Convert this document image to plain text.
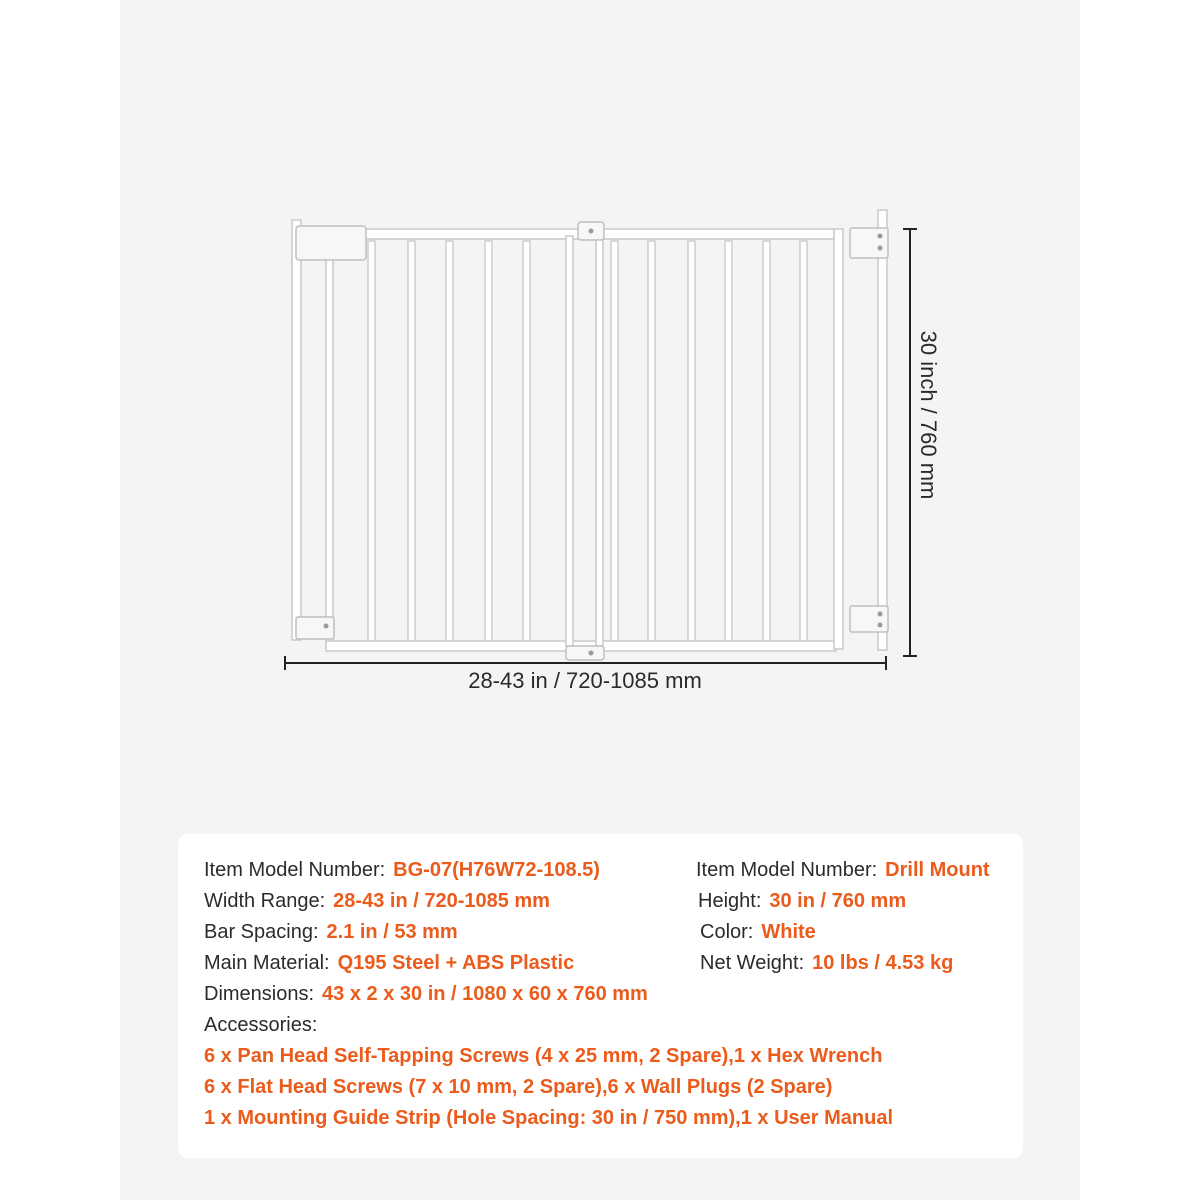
28-43 in / 720-1085 mm
30 inch / 760 mm
Item Model Number: BG-07(H76W72-108.5)
Width Range: 28-43 in / 720-1085 mm
Bar Spacing: 2.1 in / 53 mm
Main Material: Q195 Steel + ABS Plastic
Dimensions: 43 x 2 x 30 in / 1080 x 60 x 760 mm
Item Model Number: Drill Mount
Height: 30 in / 760 mm
Color: White
Net Weight: 10 lbs / 4.53 kg
Accessories:
6 x Pan Head Self-Tapping Screws (4 x 25 mm, 2 Spare),1 x Hex Wrench
6 x Flat Head Screws (7 x 10 mm, 2 Spare),6 x Wall Plugs (2 Spare)
1 x Mounting Guide Strip (Hole Spacing: 30 in / 750 mm),1 x User Manual
